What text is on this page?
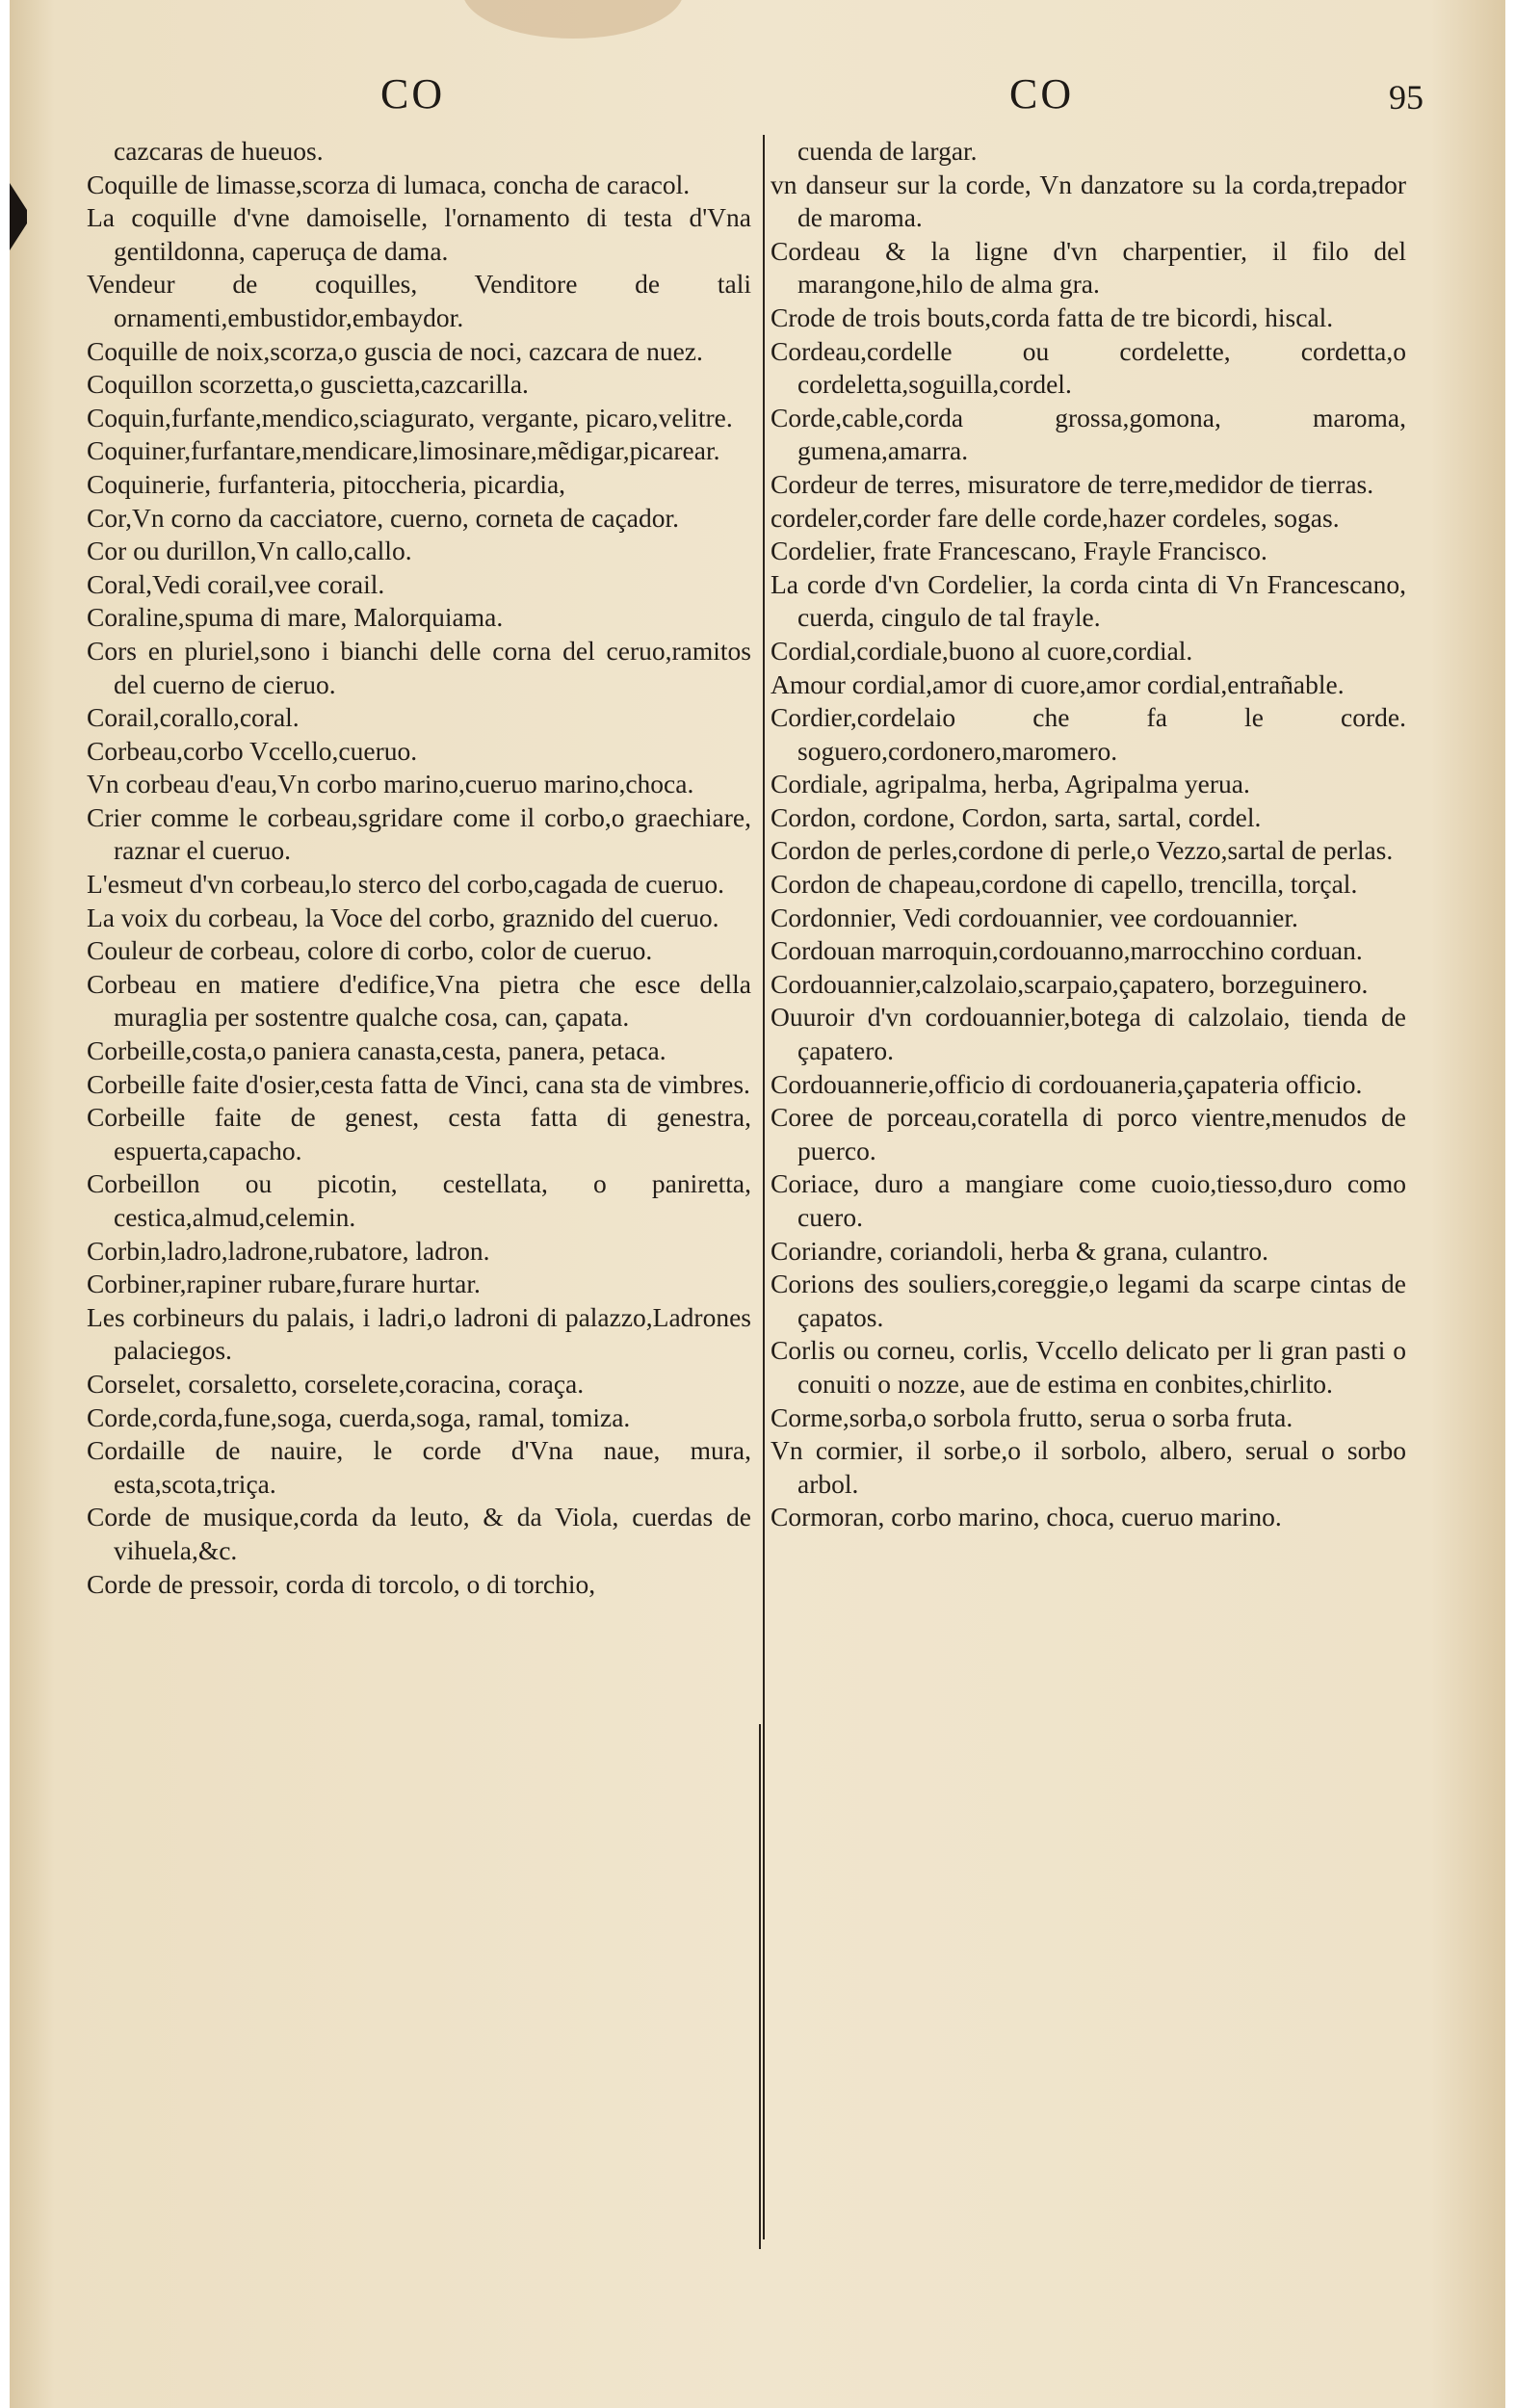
CO	CO	95
cazcaras de hueuos.
Coquille de limasse,scorza di lumaca, concha de caracol.
La coquille d'vne damoiselle, l'ornamento di testa d'Vna gentildonna, caperuça de dama.
Vendeur de coquilles, Venditore de tali ornamenti,embustidor,embaydor.
Coquille de noix,scorza,o guscia de noci, cazcara de nuez.
Coquillon scorzetta,o guscietta,cazcarilla.
Coquin,furfante,mendico,sciagurato, vergante, picaro,velitre.
Coquiner,furfantare,mendicare,limosinare,mẽdigar,picarear.
Coquinerie, furfanteria, pitoccheria, picardia,
Cor,Vn corno da cacciatore, cuerno, corneta de caçador.
Cor ou durillon,Vn callo,callo.
Coral,Vedi corail,vee corail.
Coraline,spuma di mare, Malorquiama.
Cors en pluriel,sono i bianchi delle corna del ceruo,ramitos del cuerno de cieruo.
Corail,corallo,coral.
Corbeau,corbo Vccello,cueruo.
Vn corbeau d'eau,Vn corbo marino,cueruo marino,choca.
Crier comme le corbeau,sgridare come il corbo,o graechiare, raznar el cueruo.
L'esmeut d'vn corbeau,lo sterco del corbo,cagada de cueruo.
La voix du corbeau, la Voce del corbo, graznido del cueruo.
Couleur de corbeau, colore di corbo, color de cueruo.
Corbeau en matiere d'edifice,Vna pietra che esce della muraglia per sostentre qualche cosa, can, çapata.
Corbeille,costa,o paniera canasta,cesta, panera, petaca.
Corbeille faite d'osier,cesta fatta de Vinci, cana sta de vimbres.
Corbeille faite de genest, cesta fatta di genestra, espuerta,capacho.
Corbeillon ou picotin, cestellata, o paniretta, cestica,almud,celemin.
Corbin,ladro,ladrone,rubatore, ladron.
Corbiner,rapiner rubare,furare hurtar.
Les corbineurs du palais, i ladri,o ladroni di palazzo,Ladrones palaciegos.
Corselet, corsaletto, corselete,coracina, coraça.
Corde,corda,fune,soga, cuerda,soga, ramal, tomiza.
Cordaille de nauire, le corde d'Vna naue, mura, esta,scota,triça.
Corde de musique,corda da leuto, & da Viola, cuerdas de vihuela,&c.
Corde de pressoir, corda di torcolo, o di torchio,
cuenda de largar.
vn danseur sur la corde, Vn danzatore su la corda,trepador de maroma.
Cordeau & la ligne d'vn charpentier, il filo del marangone,hilo de alma gra.
Crode de trois bouts,corda fatta de tre bicordi, hiscal.
Cordeau,cordelle ou cordelette, cordetta,o cordeletta,soguilla,cordel.
Corde,cable,corda grossa,gomona, maroma, gumena,amarra.
Cordeur de terres, misuratore de terre,medidor de tierras.
cordeler,corder fare delle corde,hazer cordeles, sogas.
Cordelier, frate Francescano, Frayle Francisco.
La corde d'vn Cordelier, la corda cinta di Vn Francescano, cuerda, cingulo de tal frayle.
Cordial,cordiale,buono al cuore,cordial.
Amour cordial,amor di cuore,amor cordial,entrañable.
Cordier,cordelaio che fa le corde. soguero,cordonero,maromero.
Cordiale, agripalma, herba, Agripalma yerua.
Cordon, cordone, Cordon, sarta, sartal, cordel.
Cordon de perles,cordone di perle,o Vezzo,sartal de perlas.
Cordon de chapeau,cordone di capello, trencilla, torçal.
Cordonnier, Vedi cordouannier, vee cordouannier.
Cordouan marroquin,cordouanno,marrocchino corduan.
Cordouannier,calzolaio,scarpaio,çapatero, borzeguinero.
Ouuroir d'vn cordouannier,botega di calzolaio, tienda de çapatero.
Cordouannerie,officio di cordouaneria,çapateria officio.
Coree de porceau,coratella di porco vientre,menudos de puerco.
Coriace, duro a mangiare come cuoio,tiesso,duro como cuero.
Coriandre, coriandoli, herba & grana, culantro.
Corions des souliers,coreggie,o legami da scarpe cintas de çapatos.
Corlis ou corneu, corlis, Vccello delicato per li gran pasti o conuiti o nozze, aue de estima en conbites,chirlito.
Corme,sorba,o sorbola frutto, serua o sorba fruta.
Vn cormier, il sorbe,o il sorbolo, albero, serual o sorbo arbol.
Cormoran, corbo marino, choca, cueruo marino.
